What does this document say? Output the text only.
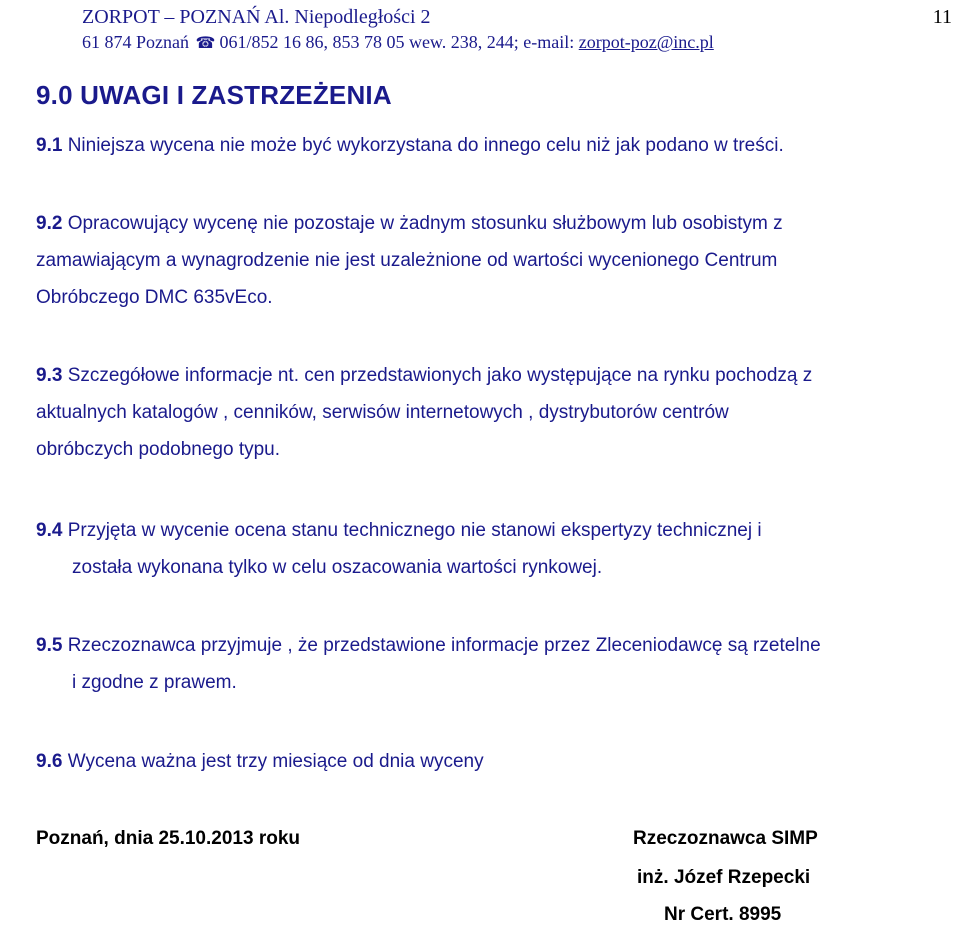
ZORPOT – POZNAŃ Al. Niepodległości 2
61 874 Poznań ☎ 061/852 16 86, 853 78 05 wew. 238, 244; e-mail: zorpot-poz@inc.pl
11
9.0 UWAGI I ZASTRZEŻENIA
9.1 Niniejsza wycena nie może być wykorzystana do innego celu niż jak podano w treści.
9.2 Opracowujący wycenę nie pozostaje w żadnym stosunku służbowym lub osobistym z
zamawiającym a wynagrodzenie nie jest uzależnione od wartości wycenionego Centrum
Obróbczego DMC 635vEco.
9.3 Szczegółowe informacje nt. cen przedstawionych jako występujące na rynku pochodzą z
aktualnych katalogów , cenników, serwisów internetowych , dystrybutorów centrów
obróbczych podobnego typu.
9.4 Przyjęta w wycenie ocena stanu technicznego nie stanowi ekspertyzy technicznej i
została wykonana tylko w celu oszacowania wartości rynkowej.
9.5 Rzeczoznawca przyjmuje , że przedstawione informacje przez Zleceniodawcę są rzetelne
i zgodne z prawem.
9.6 Wycena ważna jest trzy miesiące od dnia wyceny
Poznań, dnia 25.10.2013 roku	Rzeczoznawca SIMP
inż. Józef Rzepecki
Nr Cert. 8995
